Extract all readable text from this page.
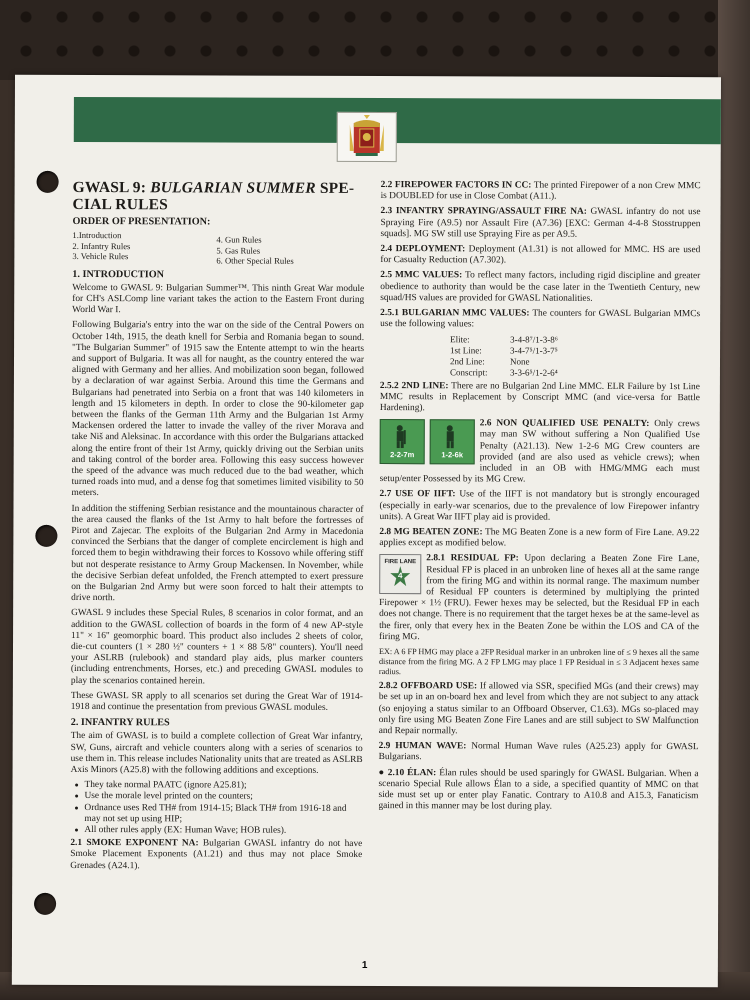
GWASL 9: BULGARIAN SUMMER SPE-CIAL RULES
ORDER OF PRESENTATION:
1.Introduction
2. Infantry Rules
3. Vehicle Rules
4. Gun Rules
5. Gas Rules
6. Other Special Rules
1. INTRODUCTION

Welcome to GWASL 9: Bulgarian Summer™. This ninth Great War module for CH's ASLComp line variant takes the action to the Eastern Front during World War I.

Following Bulgaria's entry into the war on the side of the Central Powers on October 14th, 1915, the death knell for Serbia and Romania began to sound. "The Bulgarian Summer" of 1915 saw the Entente attempt to win the hearts and support of Bulgaria. It was all for naught, as the country entered the war aligned with Germany and her allies. And mobilization soon began, followed by a declaration of war against Serbia. Around this time the Germans and Bulgarians had penetrated into Serbia on a front that was 140 kilometers in length and 15 kilometers in depth. In order to close the 90-kilometer gap between the flanks of the German 11th Army and the Bulgarian 1st Army Mackensen ordered the latter to invade the valley of the river Morava and take Niš and Aleksinac. In accordance with this order the Bulgarians attacked along the entire front of their 1st Army, quickly driving out the Serbian units and taking control of the border area. Following this easy success however the speed of the advance was much reduced due to the bad weather, which turned roads into mud, and a dense fog that sometimes limited visibility to 50 meters.

In addition the stiffening Serbian resistance and the mountainous character of the area caused the flanks of the 1st Army to halt before the fortresses of Pirot and Zajecar. The exploits of the Bulgarian 2nd Army in Macedonia convinced the Serbians that the danger of complete encirclement is high and forced them to begin withdrawing their forces to Kossovo while offering stiff but not desperate resistance to Army Group Mackensen. In November, while the decisive Serbian defeat unfolded, the French attempted to exert pressure on the Bulgarian 2nd Army but were soon forced to halt their attempts to drive north.

GWASL 9 includes these Special Rules, 8 scenarios in color format, and an addition to the GWASL collection of boards in the form of 4 new AP-style 11" × 16" geomorphic board. This product also includes 2 sheets of color, die-cut counters (1 × 280 ½" counters + 1 × 88 5/8" counters). You'll need your ASLRB (rulebook) and standard play aids, plus marker counters (including entrenchments, Horses, etc.) and preceding GWASL modules to play the scenarios contained herein.

These GWASL SR apply to all scenarios set during the Great War of 1914-1918 and continue the presentation from previous GWASL modules.

2. INFANTRY RULES

The aim of GWASL is to build a complete collection of Great War infantry, SW, Guns, aircraft and vehicle counters along with a series of scenarios to use them in. This release includes Nationality units that are treated as ASLRB Axis Minors (A25.8) with the following additions and exceptions.

● They take normal PAATC (ignore A25.81);
● Use the morale level printed on the counters;
● Ordnance uses Red TH# from 1914-15; Black TH# from 1916-18 and may not set up using HIP;
● All other rules apply (EX: Human Wave; HOB rules).

2.1 SMOKE EXPONENT NA: Bulgarian GWASL infantry do not have Smoke Placement Exponents (A1.21) and thus may not place Smoke Grenades (A24.1).

2.2 FIREPOWER FACTORS IN CC: The printed Firepower of a non Crew MMC is DOUBLED for use in Close Combat (A11.).

2.3 INFANTRY SPRAYING/ASSAULT FIRE NA: GWASL infantry do not use Spraying Fire (A9.5) nor Assault Fire (A7.36) [EXC: German 4-4-8 Stosstruppen squads]. MG SW still use Spraying Fire as per A9.5.

2.4 DEPLOYMENT: Deployment (A1.31) is not allowed for MMC. HS are used for Casualty Reduction (A7.302).

2.5 MMC VALUES: To reflect many factors, including rigid discipline and greater obedience to authority than would be the case later in the Twentieth Century, new squad/HS values are provided for GWASL Nationalities.

2.5.1 BULGARIAN MMC VALUES: The counters for GWASL Bulgarian MMCs use the following values:

Elite:	3-4-8⁷/1-3-8⁶
1st Line:	3-4-7⁵/1-3-7⁵
2nd Line:	None
Conscript:	3-3-6⁵/1-2-6⁴

2.5.2 2ND LINE: There are no Bulgarian 2nd Line MMC. ELR Failure by 1st Line MMC results in Replacement by Conscript MMC (and vice-versa for Battle Hardening).

2-2-7m	1-2-6k

2.6 NON QUALIFIED USE PENALTY: Only crews may man SW without suffering a Non Qualified Use Penalty (A21.13). New 1-2-6 MG Crew counters are provided (and are also used as vehicle crews); when included in an OB with HMG/MMG each must setup/enter Possessed by its MG Crew.

2.7 USE OF IIFT: Use of the IIFT is not mandatory but is strongly encouraged (especially in early-war scenarios, due to the prevalence of low Firepower infantry units). A Great War IIFT play aid is provided.

2.8 MG BEATEN ZONE: The MG Beaten Zone is a new form of Fire Lane. A9.22 applies except as modified below.

FIRE LANE
4

2.8.1 RESIDUAL FP: Upon declaring a Beaten Zone Fire Lane, Residual FP is placed in an unbroken line of hexes all at the same range from the firing MG and within its normal range. The maximum number of Residual FP counters is determined by multiplying the printed Firepower × 1½ (FRU). Fewer hexes may be selected, but the Residual FP in each does not change. There is no requirement that the target hexes be at the same-level as the firer, only that every hex in the Beaten Zone be within the LOS and CA of the firing MG.

EX: A 6 FP HMG may place a 2FP Residual marker in an unbroken line of ≤ 9 hexes all the same distance from the firing MG. A 2 FP LMG may place 1 FP Residual in ≤ 3 Adjacent hexes same radius.

2.8.2 OFFBOARD USE: If allowed via SSR, specified MGs (and their crews) may be set up in an on-board hex and level from which they are not subject to any attack (so enjoying a status similar to an Offboard Observer, C1.63). MGs so-placed may only fire using MG Beaten Zone Fire Lanes and are still subject to SW Malfunction and Repair normally.

2.9 HUMAN WAVE: Normal Human Wave rules (A25.23) apply for GWASL Bulgarians.

● 2.10 ÉLAN: Élan rules should be used sparingly for GWASL Bulgarian. When a scenario Special Rule allows Élan to a side, a specified quantity of MMC on that side must set up or enter play Fanatic. Contrary to A10.8 and A15.3, Fanaticism gained in this manner may be lost during play.

1
